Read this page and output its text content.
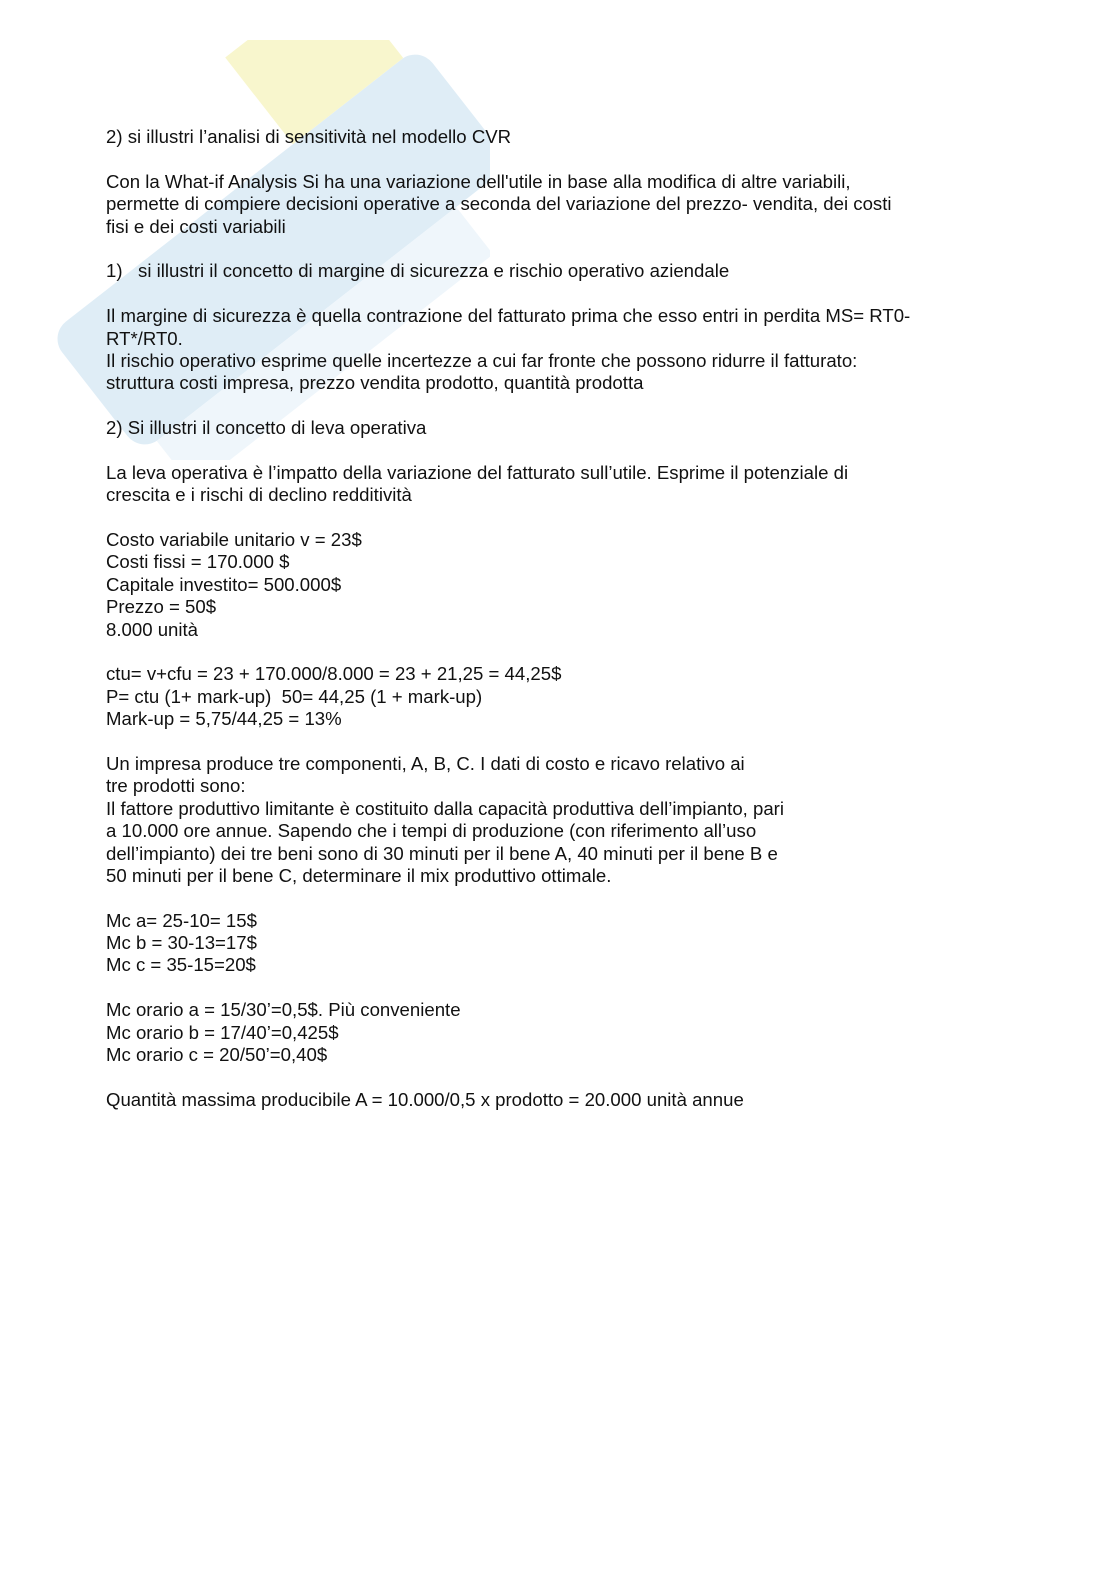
2) si illustri l’analisi di sensitività nel modello CVR
Con la What-if Analysis Si ha una variazione dell'utile in base alla modifica di altre variabili,
permette di compiere decisioni operative a seconda del variazione del prezzo- vendita, dei costi
fisi e dei costi variabili
1)   si illustri il concetto di margine di sicurezza e rischio operativo aziendale
Il margine di sicurezza è quella contrazione del fatturato prima che esso entri in perdita MS= RT0-
RT*/RT0.
Il rischio operativo esprime quelle incertezze a cui far fronte che possono ridurre il fatturato:
struttura costi impresa, prezzo vendita prodotto, quantità prodotta
2) Si illustri il concetto di leva operativa
La leva operativa è l’impatto della variazione del fatturato sull’utile. Esprime il potenziale di
crescita e i rischi di declino redditività
Costo variabile unitario v = 23$
Costi fissi = 170.000 $
Capitale investito= 500.000$
Prezzo = 50$
8.000 unità
ctu= v+cfu = 23 + 170.000/8.000 = 23 + 21,25 = 44,25$
P= ctu (1+ mark-up)  50= 44,25 (1 + mark-up)
Mark-up = 5,75/44,25 = 13%
Un impresa produce tre componenti, A, B, C. I dati di costo e ricavo relativo ai
tre prodotti sono:
Il fattore produttivo limitante è costituito dalla capacità produttiva dell’impianto, pari
a 10.000 ore annue. Sapendo che i tempi di produzione (con riferimento all’uso
dell’impianto) dei tre beni sono di 30 minuti per il bene A, 40 minuti per il bene B e
50 minuti per il bene C, determinare il mix produttivo ottimale.
Mc a= 25-10= 15$
Mc b = 30-13=17$
Mc c = 35-15=20$
Mc orario a = 15/30’=0,5$. Più conveniente
Mc orario b = 17/40’=0,425$
Mc orario c = 20/50’=0,40$
Quantità massima producibile A = 10.000/0,5 x prodotto = 20.000 unità annue
